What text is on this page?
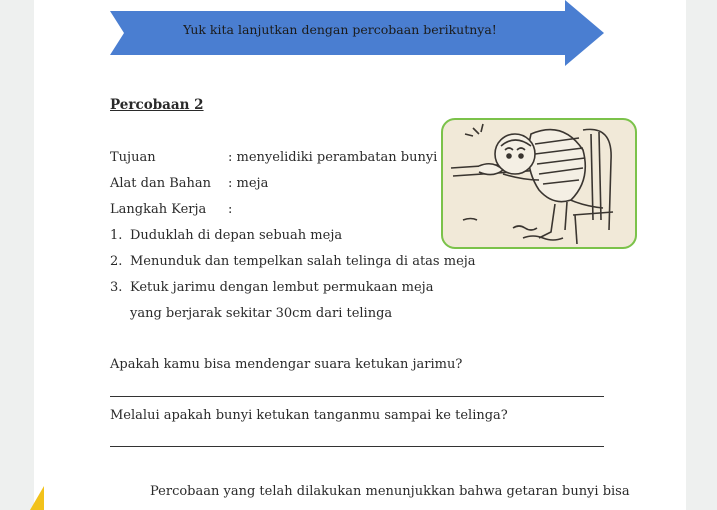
Yuk kita lanjutkan dengan percobaan berikutnya!
Percobaan 2
Tujuan	: menyelidiki perambatan bunyi
Alat dan Bahan : meja
Langkah Kerja :
1. Duduklah di depan sebuah meja
2. Menunduk dan tempelkan salah telinga di atas meja
3. Ketuk jarimu dengan lembut permukaan meja
yang berjarak sekitar 30cm dari telinga
Apakah kamu bisa mendengar suara ketukan jarimu?
Melalui apakah bunyi ketukan tanganmu sampai ke telinga?
Percobaan yang telah dilakukan menunjukkan bahwa getaran bunyi bisa
